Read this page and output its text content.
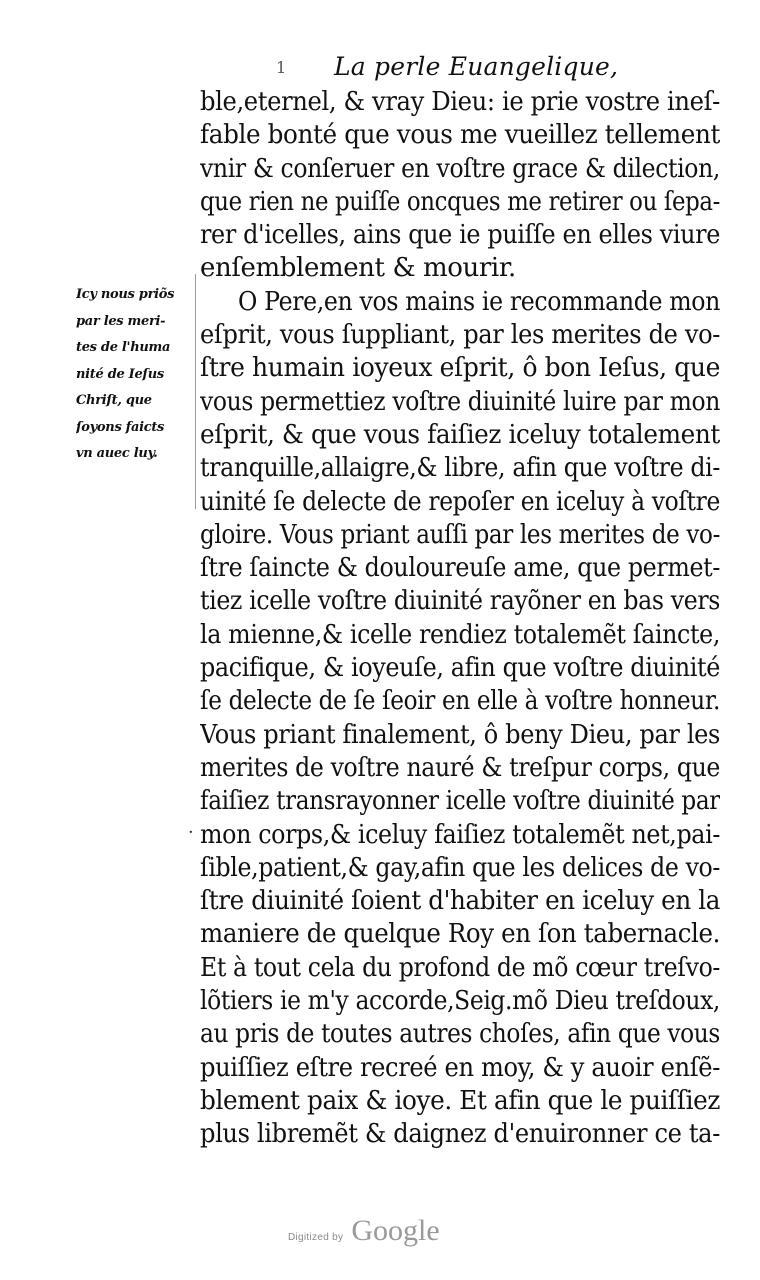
1 La perle Euangelique,
Icy nous priõs
par les meri-
tes de l'huma
nité de Ieſus
Chriſt, que
ſoyons faicts
vn auec luy.
ble,eternel, & vray Dieu: ie prie vostre ineſ-
fable bonté que vous me vueillez tellement
vnir & conſeruer en voſtre grace & dilection,
que rien ne puiſſe oncques me retirer ou ſepa-
rer d'icelles, ains que ie puiſſe en elles viure
enſemblement & mourir.
O Pere,en vos mains ie recommande mon
eſprit, vous ſuppliant, par les merites de vo-
ſtre humain ioyeux eſprit, ô bon Ieſus, que
vous permettiez voſtre diuinité luire par mon
eſprit, & que vous faiſiez iceluy totalement
tranquille,allaigre,& libre, afin que voſtre di-
uinité ſe delecte de repoſer en iceluy à voſtre
gloire. Vous priant auſſi par les merites de vo-
ſtre ſaincte & douloureuſe ame, que permet-
tiez icelle voſtre diuinité rayõner en bas vers
la mienne,& icelle rendiez totalemẽt ſaincte,
pacifique, & ioyeuſe, afin que voſtre diuinité
ſe delecte de ſe ſeoir en elle à voſtre honneur.
Vous priant finalement, ô beny Dieu, par les
merites de voſtre nauré & treſpur corps, que
faiſiez transrayonner icelle voſtre diuinité par
mon corps,& iceluy faiſiez totalemẽt net,pai-
ſible,patient,& gay,afin que les delices de vo-
ſtre diuinité ſoient d'habiter en iceluy en la
maniere de quelque Roy en ſon tabernacle.
Et à tout cela du profond de mõ cœur treſvo-
lõtiers ie m'y accorde,Seig.mõ Dieu treſdoux,
au pris de toutes autres choſes, afin que vous
puiſſiez eſtre recreé en moy, & y auoir enſẽ-
blement paix & ioye. Et afin que le puiſſiez
plus libremẽt & daignez d'enuironner ce ta-
·
Digitized by Google
